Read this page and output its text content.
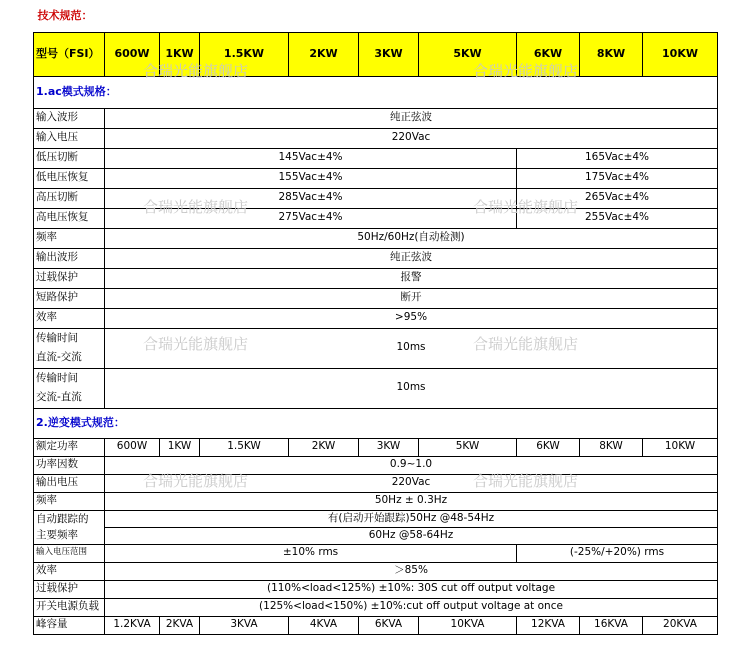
技术规范：									
型号（FSI）	600W	1KW	1.5KW	2KW	3KW	5KW	6KW	8KW	10KW
1.ac模式规格：									
输入波形	纯正弦波								
输入电压	220Vac								
低压切断	145Vac±4%						165Vac±4%		
低电压恢复	155Vac±4%						175Vac±4%		
高压切断	285Vac±4%						265Vac±4%		
高电压恢复	275Vac±4%						255Vac±4%		
频率	50Hz/60Hz(自动检测)								
输出波形	纯正弦波								
过载保护	报警								
短路保护	断开								
效率	>95%								

传输时间
直流-交流	10ms								

传输时间
交流-直流	10ms								
2.逆变模式规范：									
额定功率	600W	1KW	1.5KW	2KW	3KW	5KW	6KW	8KW	10KW
功率因数	0.9~1.0								
输出电压	220Vac								
频率	50Hz ± 0.3Hz								

自动跟踪的
主要频率	有(启动开始跟踪)50Hz @48-54Hz								
	60Hz @58-64Hz								
输入电压范围	±10% rms						(-25%/+20%) rms		
效率	＞85%								
过载保护	(110%<load<125%) ±10%: 30S cut off output voltage								
开关电源负载	(125%<load<150%) ±10%:cut off output voltage at once								
峰容量	1.2KVA	2KVA	3KVA	4KVA	6KVA	10KVA	12KVA	16KVA	20KVA
合瑞光能旗舰店	合瑞光能旗舰店
合瑞光能旗舰店	合瑞光能旗舰店
合瑞光能旗舰店	合瑞光能旗舰店
合瑞光能旗舰店	合瑞光能旗舰店
